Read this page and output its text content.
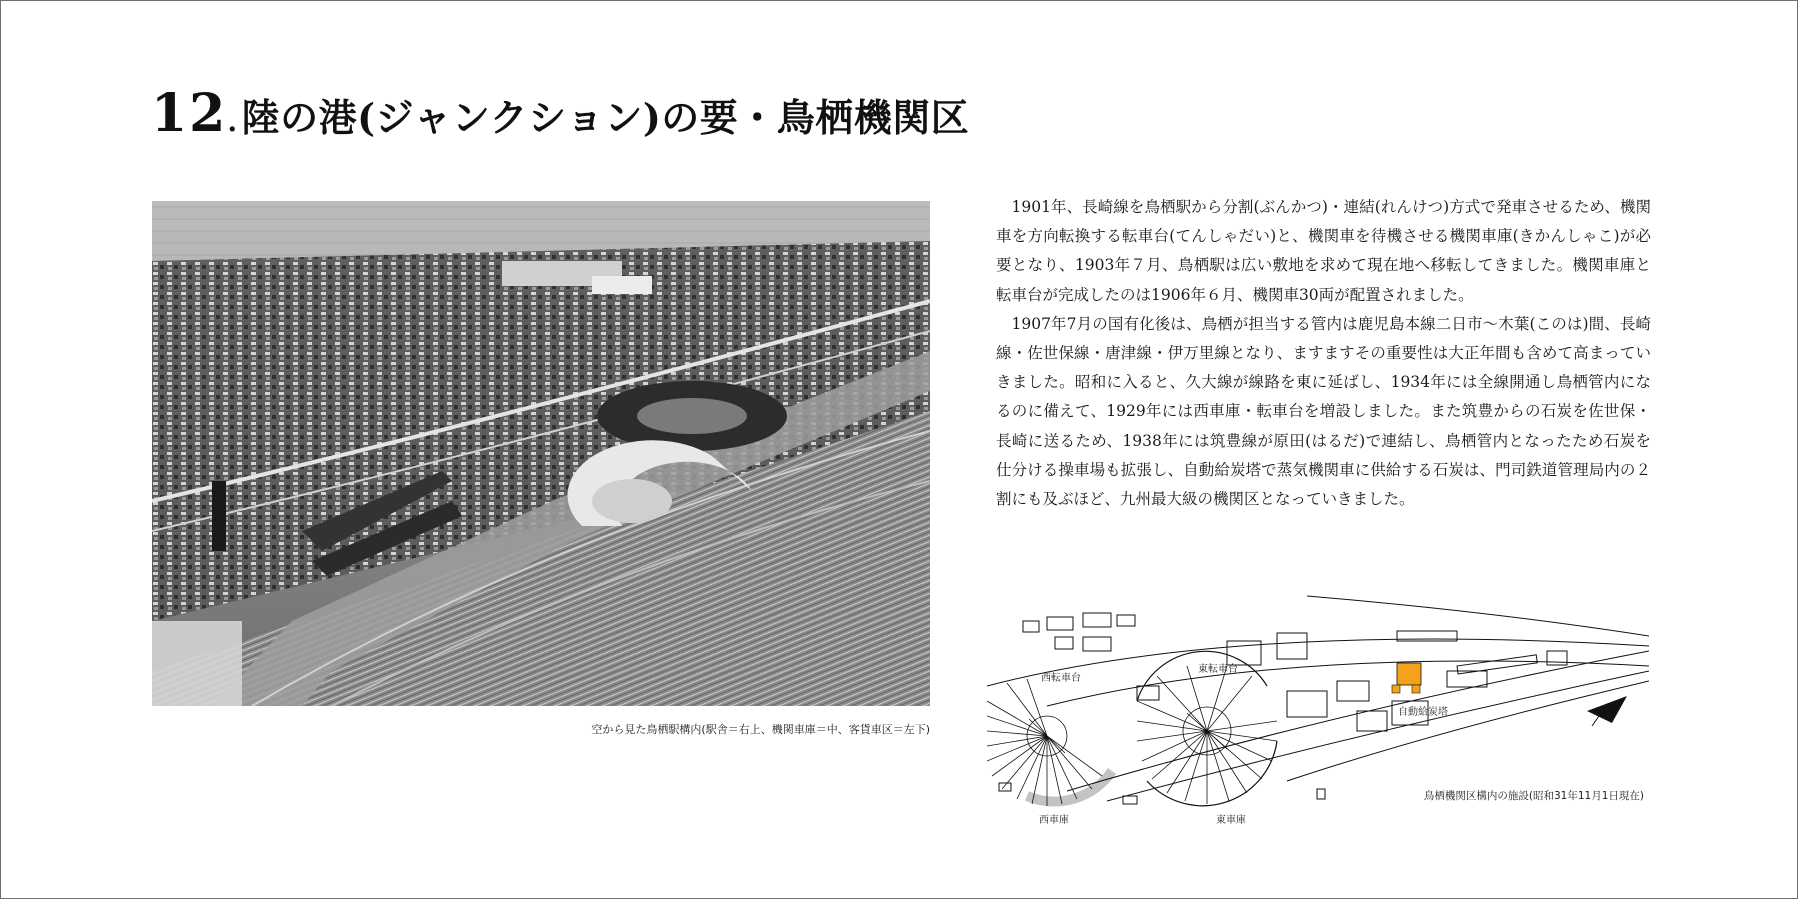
12. 陸の港(ジャンクション)の要・鳥栖機関区
空から見た鳥栖駅構内(駅舎＝右上、機関車庫＝中、客貨車区＝左下)

1901年、長崎線を鳥栖駅から分割(ぶんかつ)・連結(れんけつ)方式で発車させるため、機関車を方向転換する転車台(てんしゃだい)と、機関車を待機させる機関車庫(きかんしゃこ)が必要となり、1903年７月、鳥栖駅は広い敷地を求めて現在地へ移転してきました。機関車庫と転車台が完成したのは1906年６月、機関車30両が配置されました。

1907年7月の国有化後は、鳥栖が担当する管内は鹿児島本線二日市〜木葉(このは)間、長崎線・佐世保線・唐津線・伊万里線となり、ますますその重要性は大正年間も含めて高まっていきました。昭和に入ると、久大線が線路を東に延ばし、1934年には全線開通し鳥栖管内になるのに備えて、1929年には西車庫・転車台を増設しました。また筑豊からの石炭を佐世保・長崎に送るため、1938年には筑豊線が原田(はるだ)で連結し、鳥栖管内となったため石炭を仕分ける操車場も拡張し、自動給炭塔で蒸気機関車に供給する石炭は、門司鉄道管理局内の２割にも及ぶほど、九州最大級の機関区となっていきました。

西転車台
東転車台
自動給炭塔
西車庫	東車庫
鳥栖機関区構内の施設(昭和31年11月1日現在)
